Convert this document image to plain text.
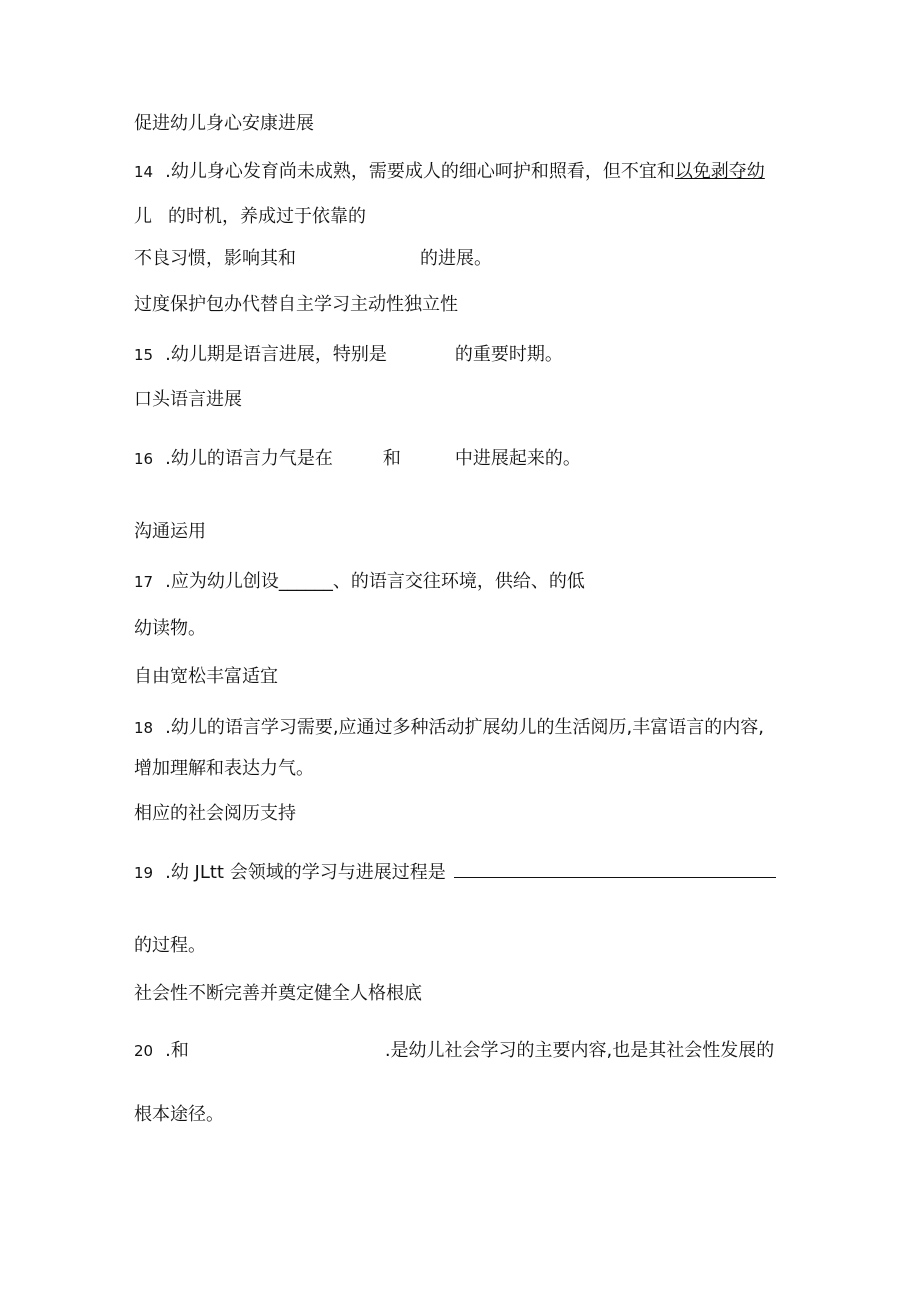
促进幼儿身心安康进展
14 .幼儿身心发育尚未成熟，需要成人的细心呵护和照看，但不宜和以免剥夺幼
儿 的时机，养成过于依靠的
不良习惯，影响其和	的进展。
过度保护包办代替自主学习主动性独立性
15 .幼儿期是语言进展，特别是	的重要时期。
口头语言进展
16 .幼儿的语言力气是在	和	中进展起来的。
沟通运用
17 .应为幼儿创设______、的语言交往环境，供给、的低
幼读物。
自由宽松丰富适宜
18 .幼儿的语言学习需要,应通过多种活动扩展幼儿的生活阅历,丰富语言的内容,
增加理解和表达力气。
相应的社会阅历支持
19 .幼 JLtt 会领域的学习与进展过程是
的过程。
社会性不断完善并奠定健全人格根底
20 .和	.是幼儿社会学习的主要内容,也是其社会性发展的
根本途径。
